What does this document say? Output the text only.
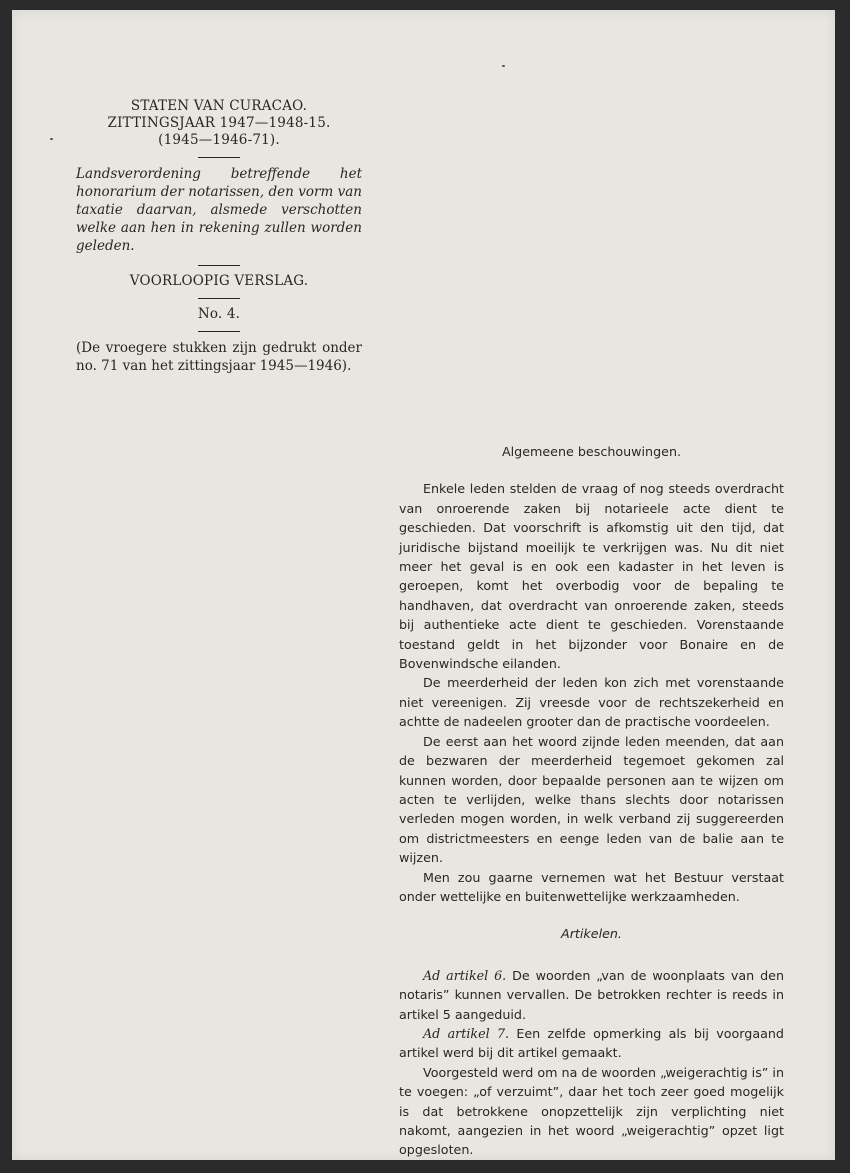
STATEN VAN CURACAO.
ZITTINGSJAAR 1947—1948-15.
(1945—1946-71).
Landsverordening betreffende het honorarium der notarissen, den vorm van taxatie daarvan, alsmede verschotten welke aan hen in rekening zullen worden geleden.
VOORLOOPIG VERSLAG.
No. 4.
(De vroegere stukken zijn gedrukt onder no. 71 van het zittingsjaar 1945—1946).
Algemeene beschouwingen.

Enkele leden stelden de vraag of nog steeds overdracht van onroerende zaken bij notarieele acte dient te geschieden. Dat voorschrift is afkomstig uit den tijd, dat juridische bijstand moeilijk te verkrijgen was. Nu dit niet meer het geval is en ook een kadaster in het leven is geroepen, komt het overbodig voor de bepaling te handhaven, dat overdracht van onroerende zaken, steeds bij authentieke acte dient te geschieden. Vorenstaande toestand geldt in het bijzonder voor Bonaire en de Bovenwindsche eilanden.

De meerderheid der leden kon zich met vorenstaande niet vereenigen. Zij vreesde voor de rechtszekerheid en achtte de nadeelen grooter dan de practische voordeelen.

De eerst aan het woord zijnde leden meenden, dat aan de bezwaren der meerderheid tegemoet gekomen zal kunnen worden, door bepaalde personen aan te wijzen om acten te verlijden, welke thans slechts door notarissen verleden mogen worden, in welk verband zij suggereerden om districtmeesters en eenge leden van de balie aan te wijzen.

Men zou gaarne vernemen wat het Bestuur verstaat onder wettelijke en buitenwettelijke werkzaamheden.

Artikelen.

Ad artikel 6. De woorden „van de woonplaats van den notaris” kunnen vervallen. De betrokken rechter is reeds in artikel 5 aangeduid.

Ad artikel 7. Een zelfde opmerking als bij voorgaand artikel werd bij dit artikel gemaakt.

Voorgesteld werd om na de woorden „weigerachtig is” in te voegen: „of verzuimt”, daar het toch zeer goed mogelijk is dat betrokkene onopzettelijk zijn verplichting niet nakomt, aangezien in het woord „weigerachtig” opzet ligt opgesloten.
